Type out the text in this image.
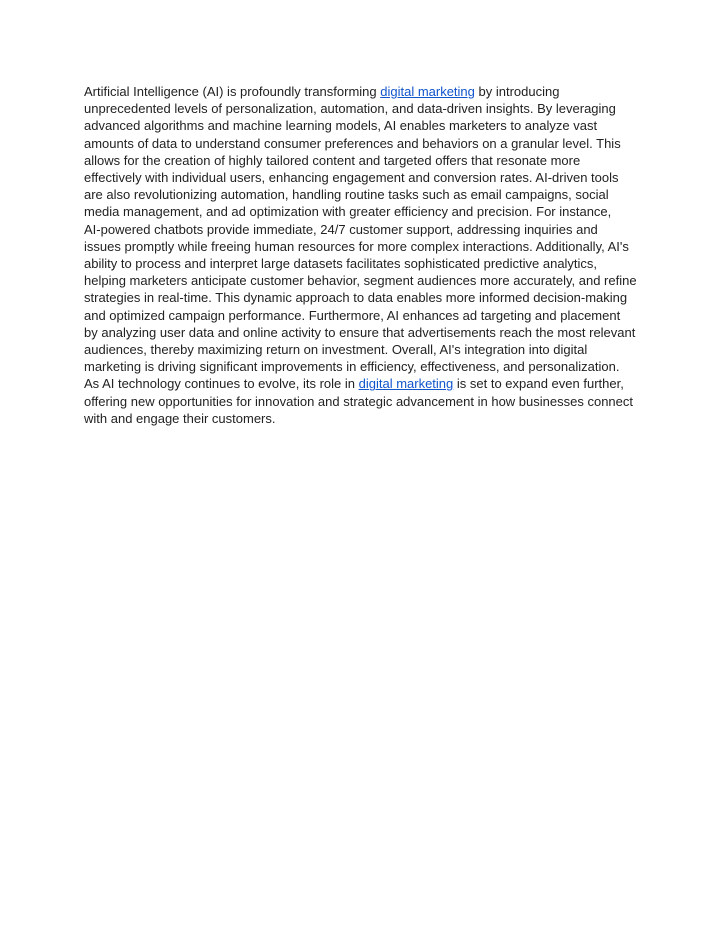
Artificial Intelligence (AI) is profoundly transforming digital marketing by introducing
unprecedented levels of personalization, automation, and data-driven insights. By leveraging
advanced algorithms and machine learning models, AI enables marketers to analyze vast
amounts of data to understand consumer preferences and behaviors on a granular level. This
allows for the creation of highly tailored content and targeted offers that resonate more
effectively with individual users, enhancing engagement and conversion rates. AI-driven tools
are also revolutionizing automation, handling routine tasks such as email campaigns, social
media management, and ad optimization with greater efficiency and precision. For instance,
AI-powered chatbots provide immediate, 24/7 customer support, addressing inquiries and
issues promptly while freeing human resources for more complex interactions. Additionally, AI's
ability to process and interpret large datasets facilitates sophisticated predictive analytics,
helping marketers anticipate customer behavior, segment audiences more accurately, and refine
strategies in real-time. This dynamic approach to data enables more informed decision-making
and optimized campaign performance. Furthermore, AI enhances ad targeting and placement
by analyzing user data and online activity to ensure that advertisements reach the most relevant
audiences, thereby maximizing return on investment. Overall, AI's integration into digital
marketing is driving significant improvements in efficiency, effectiveness, and personalization.
As AI technology continues to evolve, its role in digital marketing is set to expand even further,
offering new opportunities for innovation and strategic advancement in how businesses connect
with and engage their customers.
